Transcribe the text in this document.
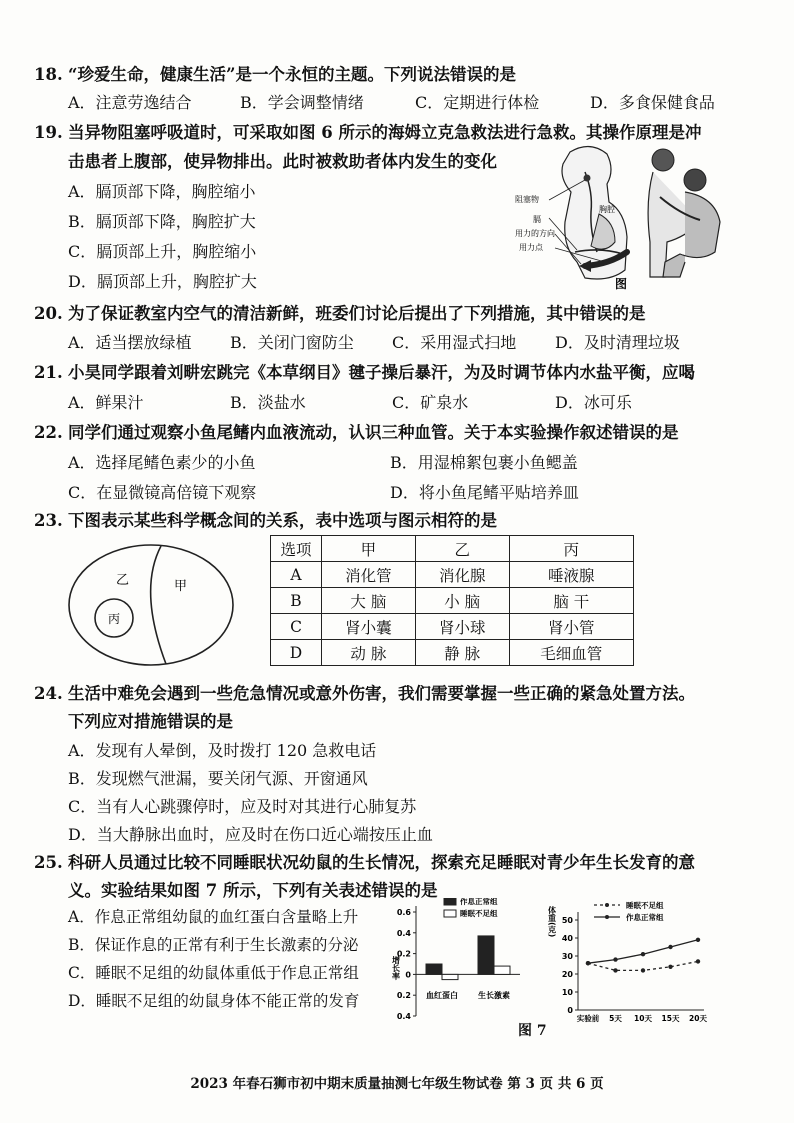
18. “珍爱生命，健康生活”是一个永恒的主题。下列说法错误的是
A．注意劳逸结合	B．学会调整情绪	C．定期进行体检	D．多食保健食品
19. 当异物阻塞呼吸道时，可采取如图 6 所示的海姆立克急救法进行急救。其操作原理是冲
击患者上腹部，使异物排出。此时被救助者体内发生的变化
A．膈顶部下降，胸腔缩小
B．膈顶部下降，胸腔扩大
C．膈顶部上升，胸腔缩小
D．膈顶部上升，胸腔扩大
阻塞物
胸腔
膈
用力的方向
用力点
图
20. 为了保证教室内空气的清洁新鲜，班委们讨论后提出了下列措施，其中错误的是
A．适当摆放绿植 B．关闭门窗防尘 C．采用湿式扫地 D．及时清理垃圾
21. 小昊同学跟着刘畊宏跳完《本草纲目》毽子操后暴汗，为及时调节体内水盐平衡，应喝
A．鲜果汁	B．淡盐水	C．矿泉水	D．冰可乐
22. 同学们通过观察小鱼尾鳍内血液流动，认识三种血管。关于本实验操作叙述错误的是
A．选择尾鳍色素少的小鱼	B．用湿棉絮包裹小鱼鳃盖
C．在显微镜高倍镜下观察	D．将小鱼尾鳍平贴培养皿
23. 下图表示某些科学概念间的关系，表中选项与图示相符的是
乙	甲
丙
选项	甲	乙	丙
A	消化管	消化腺	唾液腺
B	大 脑	小 脑	脑 干
C	肾小囊	肾小球	肾小管
D	动 脉	静 脉	毛细血管
24. 生活中难免会遇到一些危急情况或意外伤害，我们需要掌握一些正确的紧急处置方法。
下列应对措施错误的是
A．发现有人晕倒，及时拨打 120 急救电话
B．发现燃气泄漏，要关闭气源、开窗通风
C．当有人心跳骤停时，应及时对其进行心肺复苏
D．当大静脉出血时，应及时在伤口近心端按压止血
25. 科研人员通过比较不同睡眠状况幼鼠的生长情况，探索充足睡眠对青少年生长发育的意
义。实验结果如图 7 所示，下列有关表述错误的是
A．作息正常组幼鼠的血红蛋白含量略上升
B．保证作息的正常有利于生长激素的分泌
C．睡眠不足组的幼鼠体重低于作息正常组
D．睡眠不足组的幼鼠身体不能正常的发育
0.6
0.4
0.2
0
0.2
0.4
增长率
血红蛋白	生长激素
作息正常组
睡眠不足组
50
40
30
20
10
0
体重(克)
实验前 5天 10天 15天 20天
睡眠不足组
作息正常组
图 7
2023 年春石狮市初中期末质量抽测七年级生物试卷 第 3 页 共 6 页
